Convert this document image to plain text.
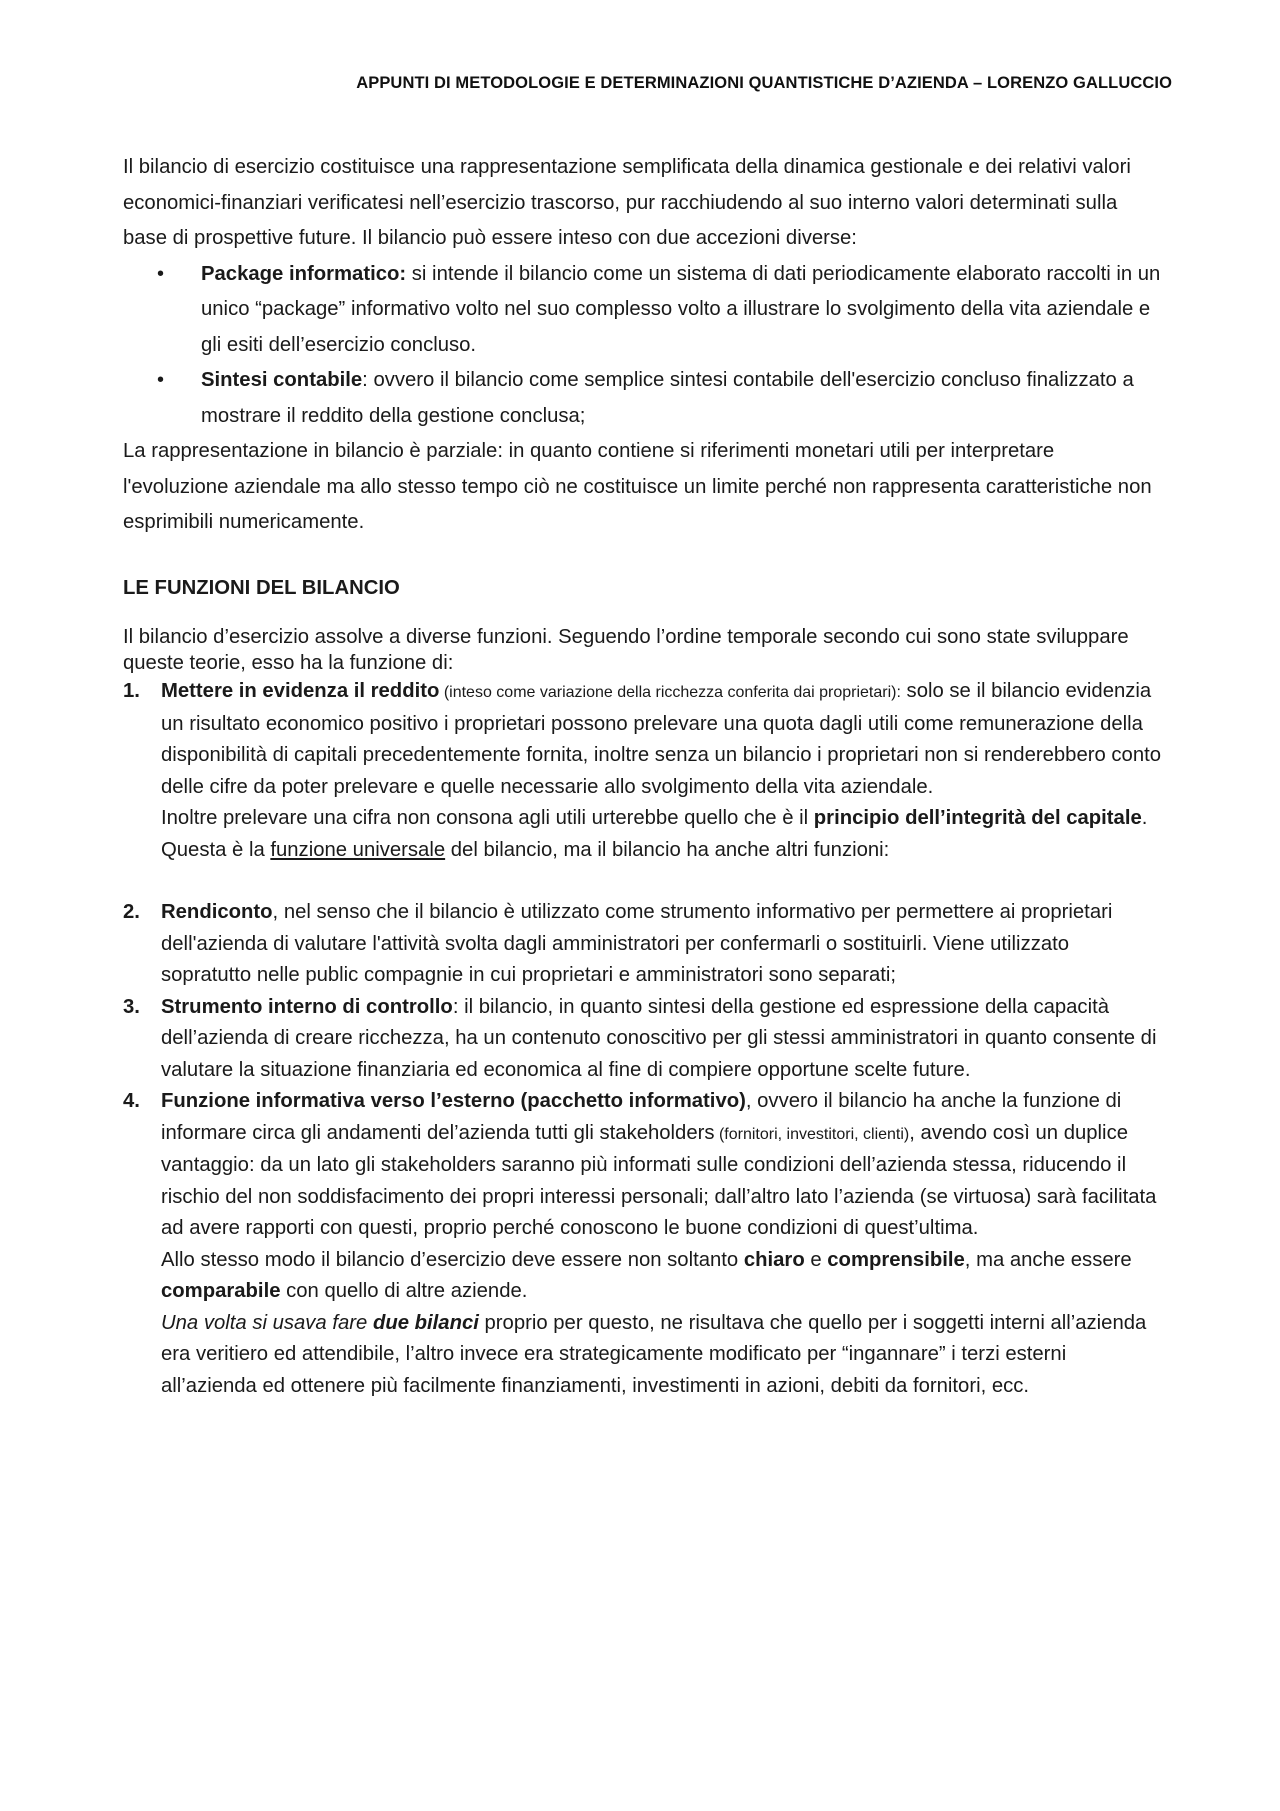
APPUNTI DI METODOLOGIE E DETERMINAZIONI QUANTISTICHE D’AZIENDA – LORENZO GALLUCCIO

Il bilancio di esercizio costituisce una rappresentazione semplificata della dinamica gestionale e dei relativi valori economici-finanziari verificatesi nell’esercizio trascorso, pur racchiudendo al suo interno valori determinati sulla base di prospettive future. Il bilancio può essere inteso con due accezioni diverse:

• Package informatico: si intende il bilancio come un sistema di dati periodicamente elaborato raccolti in un unico “package” informativo volto nel suo complesso volto a illustrare lo svolgimento della vita aziendale e gli esiti dell’esercizio concluso.
• Sintesi contabile: ovvero il bilancio come semplice sintesi contabile dell'esercizio concluso finalizzato a mostrare il reddito della gestione conclusa;

La rappresentazione in bilancio è parziale: in quanto contiene si riferimenti monetari utili per interpretare l'evoluzione aziendale ma allo stesso tempo ciò ne costituisce un limite perché non rappresenta caratteristiche non esprimibili numericamente.

LE FUNZIONI DEL BILANCIO

Il bilancio d’esercizio assolve a diverse funzioni. Seguendo l’ordine temporale secondo cui sono state sviluppare queste teorie, esso ha la funzione di:

1. Mettere in evidenza il reddito (inteso come variazione della ricchezza conferita dai proprietari): solo se il bilancio evidenzia un risultato economico positivo i proprietari possono prelevare una quota dagli utili come remunerazione della disponibilità di capitali precedentemente fornita, inoltre senza un bilancio i proprietari non si renderebbero conto delle cifre da poter prelevare e quelle necessarie allo svolgimento della vita aziendale.
Inoltre prelevare una cifra non consona agli utili urterebbe quello che è il principio dell’integrità del capitale.
Questa è la funzione universale del bilancio, ma il bilancio ha anche altri funzioni:
2. Rendiconto, nel senso che il bilancio è utilizzato come strumento informativo per permettere ai proprietari dell'azienda di valutare l'attività svolta dagli amministratori per confermarli o sostituirli. Viene utilizzato sopratutto nelle public compagnie in cui proprietari e amministratori sono separati;
3. Strumento interno di controllo: il bilancio, in quanto sintesi della gestione ed espressione della capacità dell’azienda di creare ricchezza, ha un contenuto conoscitivo per gli stessi amministratori in quanto consente di valutare la situazione finanziaria ed economica al fine di compiere opportune scelte future.
4. Funzione informativa verso l’esterno (pacchetto informativo), ovvero il bilancio ha anche la funzione di informare circa gli andamenti del’azienda tutti gli stakeholders (fornitori, investitori, clienti), avendo così un duplice vantaggio: da un lato gli stakeholders saranno più informati sulle condizioni dell’azienda stessa, riducendo il rischio del non soddisfacimento dei propri interessi personali; dall’altro lato l’azienda (se virtuosa) sarà facilitata ad avere rapporti con questi, proprio perché conoscono le buone condizioni di quest’ultima.
Allo stesso modo il bilancio d’esercizio deve essere non soltanto chiaro e comprensibile, ma anche essere comparabile con quello di altre aziende.
Una volta si usava fare due bilanci proprio per questo, ne risultava che quello per i soggetti interni all’azienda era veritiero ed attendibile, l’altro invece era strategicamente modificato per “ingannare” i terzi esterni all’azienda ed ottenere più facilmente finanziamenti, investimenti in azioni, debiti da fornitori, ecc.
